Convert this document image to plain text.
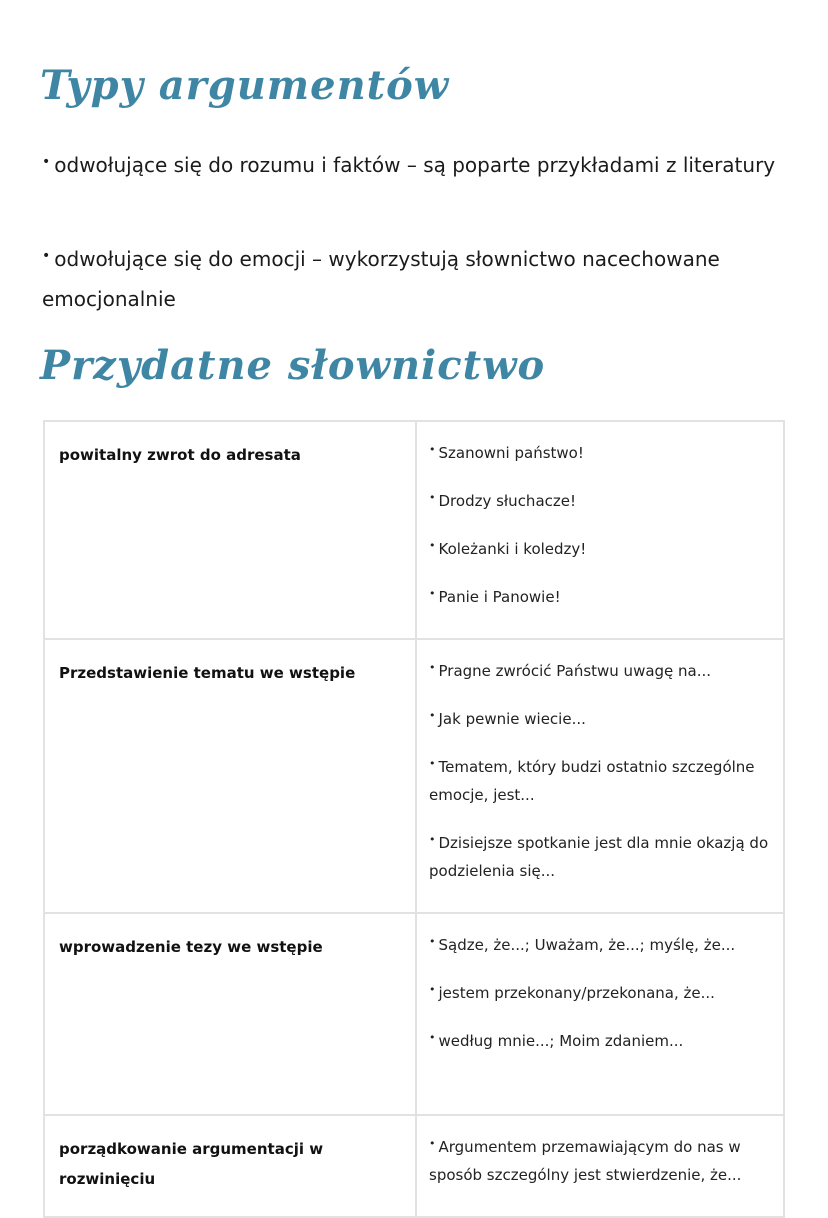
Typy argumentów

• odwołujące się do rozumu i faktów – są poparte przykładami z literatury

• odwołujące się do emocji – wykorzystują słownictwo nacechowane emocjonalnie

Przydatne słownictwo
powitalny zwrot do adresata	• Szanowni państwo!

• Drodzy słuchacze!

• Koleżanki i koledzy!

• Panie i Panowie!

Przedstawienie tematu we wstępie	• Pragne zwrócić Państwu uwagę na...

• Jak pewnie wiecie...

• Tematem, który budzi ostatnio szczególne emocje, jest...

• Dzisiejsze spotkanie jest dla mnie okazją do podzielenia się...

wprowadzenie tezy we wstępie	• Sądze, że...; Uważam, że...; myślę, że...

• jestem przekonany/przekonana, że...

• według mnie...; Moim zdaniem...

porządkowanie argumentacji w rozwinięciu	• Argumentem przemawiającym do nas w sposób szczególny jest stwierdzenie, że...
